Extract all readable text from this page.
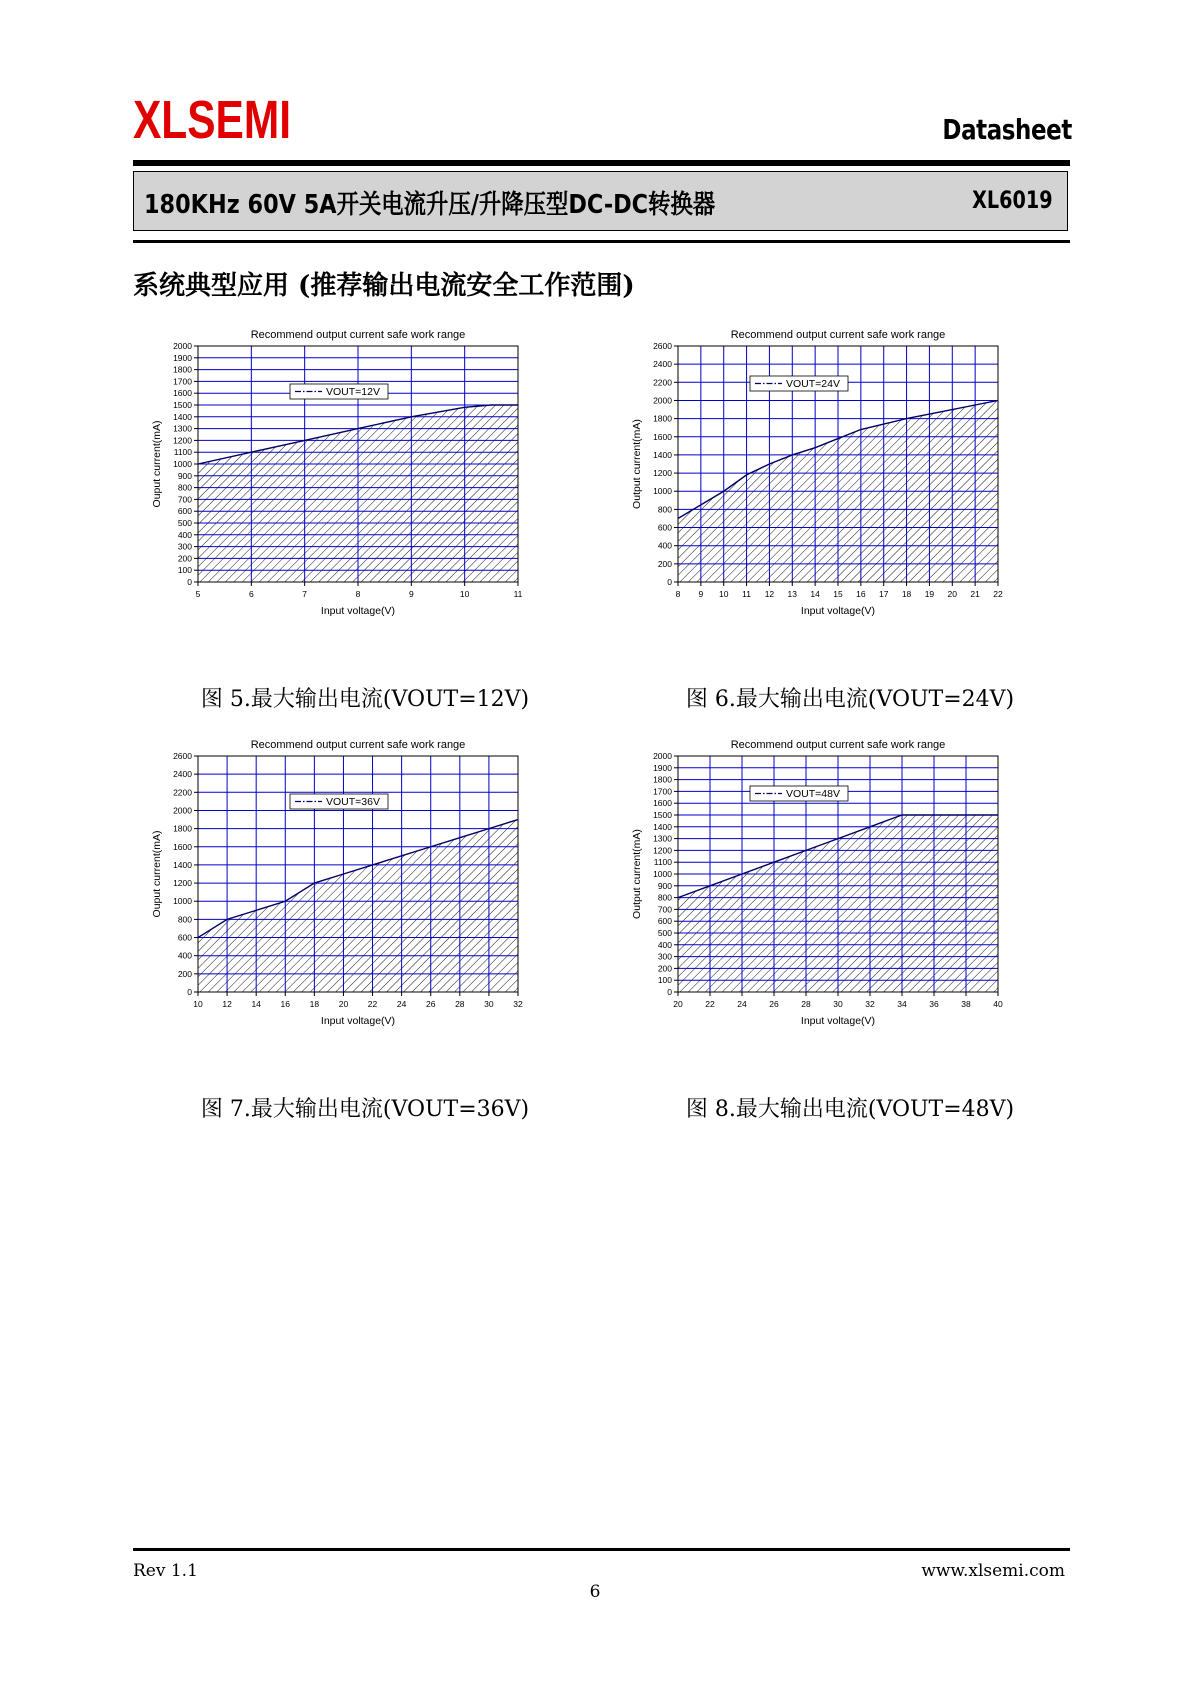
XLSEMI	Datasheet
180KHz 60V 5A开关电流升压/升降压型DC-DC转换器	XL6019
系统典型应用 (推荐输出电流安全工作范围)
Recommend output current safe work range
0
100
200
300
400
500
600
700
800
900
1000
1100
1200
1300
1400
1500
1600
1700
1800
1900
2000
5	6	7	8	9	10	11
Input voltage(V)
Ouput current(mA)
VOUT=12V
Recommend output current safe work range
0
200
400
600
800
1000
1200
1400
1600
1800
2000
2200
2400
2600
8 9 10 11 12 13 14 15 16 17 18 19 20 21 22
Input voltage(V)
Output current(mA)
VOUT=24V
Recommend output current safe work range
0
200
400
600
800
1000
1200
1400
1600
1800
2000
2200
2400
2600
10 12 14 16 18 20 22 24 26 28 30 32
Input voltage(V)
Ouput current(mA)
VOUT=36V
Recommend output current safe work range
0
100
200
300
400
500
600
700
800
900
1000
1100
1200
1300
1400
1500
1600
1700
1800
1900
2000
20	22	24	26	28	30	32	34	36	38	40
Input voltage(V)
Output current(mA)
VOUT=48V
图 5.最大输出电流(VOUT=12V)	图 6.最大输出电流(VOUT=24V)
图 7.最大输出电流(VOUT=36V)	图 8.最大输出电流(VOUT=48V)
Rev 1.1	www.xlsemi.com
6
